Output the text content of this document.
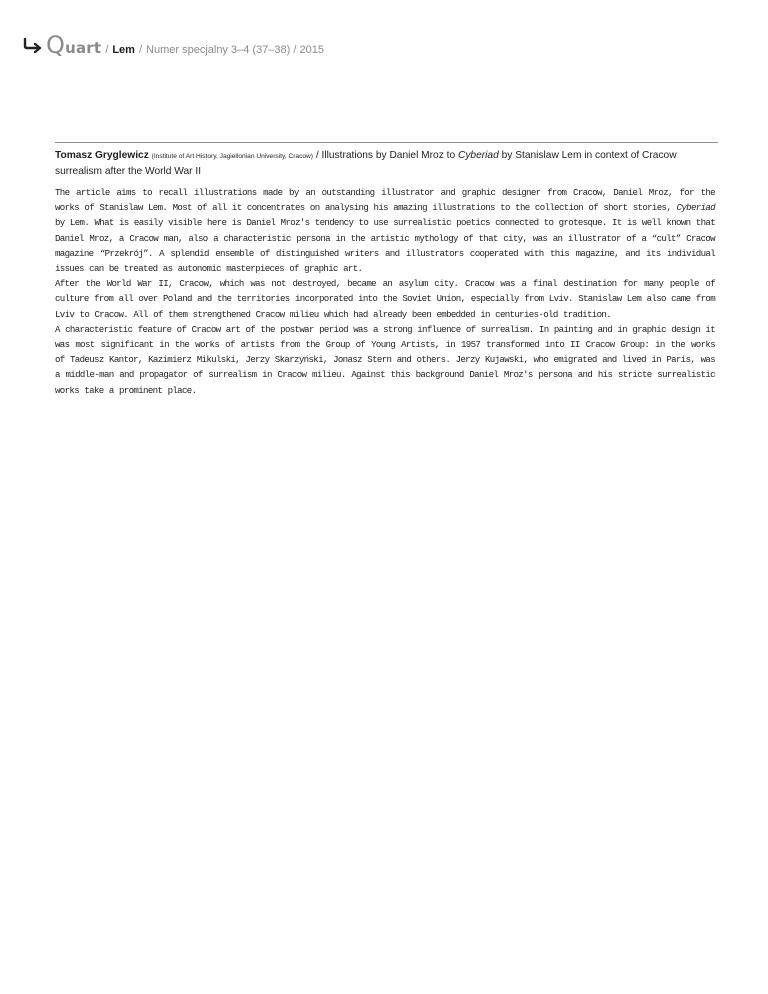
Quart / Lem / Numer specjalny 3–4 (37–38) / 2015
Tomasz Gryglewicz (Institute of Art History, Jagiellonian University, Cracow) / Illustrations by Daniel Mroz to Cyberiad by Stanislaw Lem in context of Cracow surrealism after the World War II

The article aims to recall illustrations made by an outstanding illustrator and graphic designer from Cracow, Daniel Mroz, for the works of Stanislaw Lem. Most of all it concentrates on analysing his amazing illustrations to the collection of short stories, Cyberiad by Lem. What is easily visible here is Daniel Mroz's tendency to use surrealistic poetics connected to grotesque. It is well known that Daniel Mroz, a Cracow man, also a characteristic persona in the artistic mythology of that city, was an illustrator of a “cult” Cracow magazine “Przekrój”. A splendid ensemble of distinguished writers and illustrators cooperated with this magazine, and its individual issues can be treated as autonomic masterpieces of graphic art.

After the World War II, Cracow, which was not destroyed, became an asylum city. Cracow was a final destination for many people of culture from all over Poland and the territories incorporated into the Soviet Union, especially from Lviv. Stanislaw Lem also came from Lviv to Cracow. All of them strengthened Cracow milieu which had already been embedded in centuries-old tradition.

A characteristic feature of Cracow art of the postwar period was a strong influence of surrealism. In painting and in graphic design it was most significant in the works of artists from the Group of Young Artists, in 1957 transformed into II Cracow Group: in the works of Tadeusz Kantor, Kazimierz Mikulski, Jerzy Skarzyński, Jonasz Stern and others. Jerzy Kujawski, who emigrated and lived in Paris, was a middle-man and propagator of surrealism in Cracow milieu. Against this background Daniel Mroz's persona and his stricte surrealistic works take a prominent place.
